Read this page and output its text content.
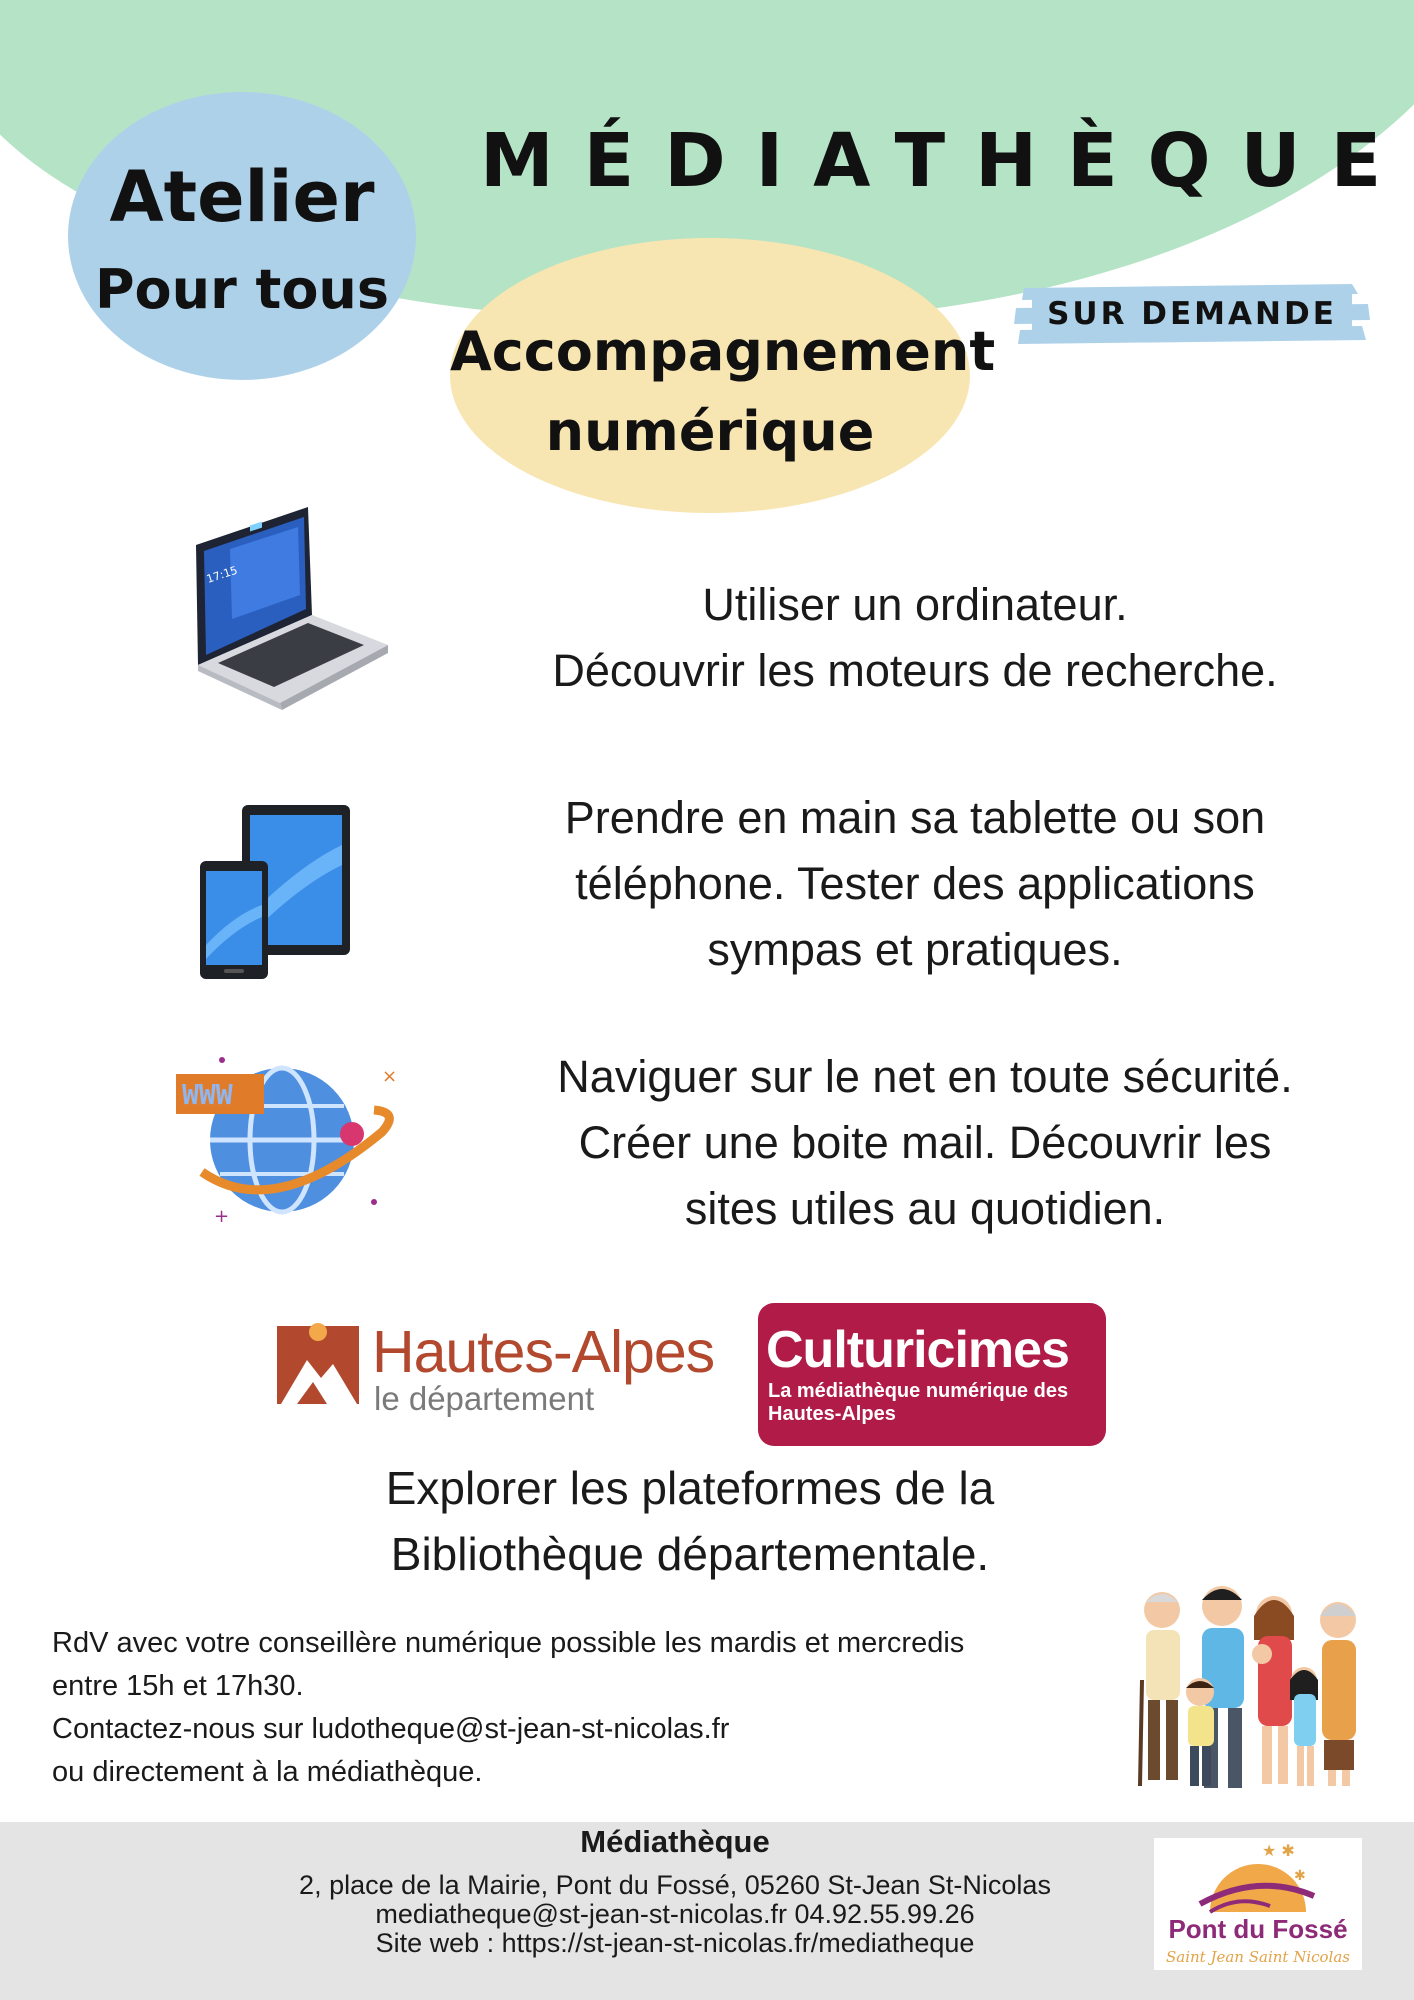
MÉDIATHÈQUE
Atelier
Pour tous
Accompagnement numérique
SUR DEMANDE
17:15
Utiliser un ordinateur.
Découvrir les moteurs de recherche.
Prendre en main sa tablette ou son
téléphone. Tester des applications
sympas et pratiques.
WWW
×
+
Naviguer sur le net en toute sécurité.
Créer une boite mail. Découvrir les
sites utiles au quotidien.
Hautes-Alpes
le département
Culturicimes
La médiathèque numérique des Hautes-Alpes
Explorer les plateformes de la
Bibliothèque départementale.
RdV avec votre conseillère numérique possible les mardis et mercredis
entre 15h et 17h30.
Contactez-nous sur ludotheque@st-jean-st-nicolas.fr
ou directement à la médiathèque.
Médiathèque
2, place de la Mairie, Pont du Fossé, 05260 St-Jean St-Nicolas
mediatheque@st-jean-st-nicolas.fr 04.92.55.99.26
Site web : https://st-jean-st-nicolas.fr/mediatheque
★ ✱
✱
Pont du Fossé
Saint Jean Saint Nicolas
